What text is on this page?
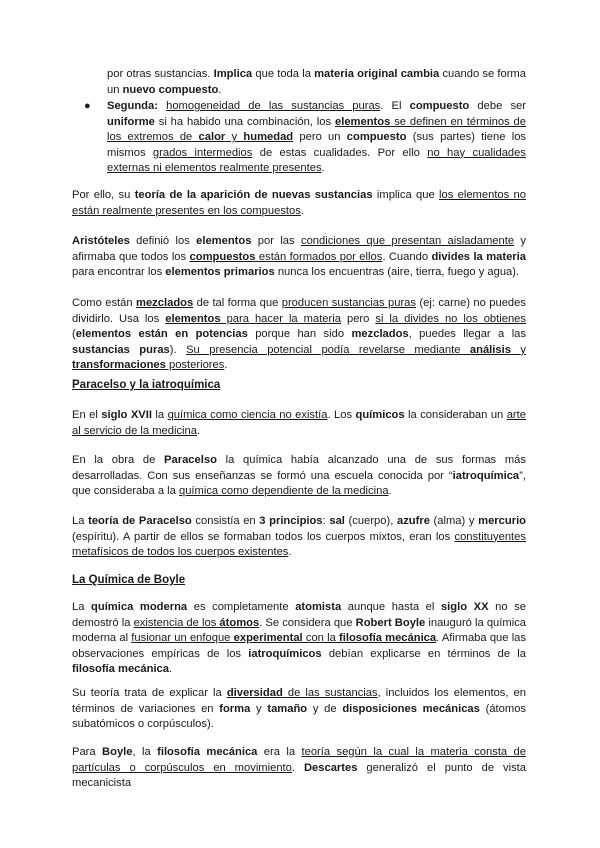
por otras sustancias. Implica que toda la materia original cambia cuando se forma un nuevo compuesto.

● Segunda: homogeneidad de las sustancias puras. El compuesto debe ser uniforme si ha habido una combinación, los elementos se definen en términos de los extremos de calor y humedad pero un compuesto (sus partes) tiene los mismos grados intermedios de estas cualidades. Por ello no hay cualidades externas ni elementos realmente presentes.

Por ello, su teoría de la aparición de nuevas sustancias implica que los elementos no están realmente presentes en los compuestos.

Aristóteles definió los elementos por las condiciones que presentan aisladamente y afirmaba que todos los compuestos están formados por ellos. Cuando divides la materia para encontrar los elementos primarios nunca los encuentras (aire, tierra, fuego y agua).

Como están mezclados de tal forma que producen sustancias puras (ej: carne) no puedes dividirlo. Usa los elementos para hacer la materia pero si la divides no los obtienes (elementos están en potencias porque han sido mezclados, puedes llegar a las sustancias puras). Su presencia potencial podía revelarse mediante análisis y transformaciones posteriores.

Paracelso y la iatroquímica

En el siglo XVII la química como ciencia no existía. Los químicos la consideraban un arte al servicio de la medicina.

En la obra de Paracelso la química había alcanzado una de sus formas más desarrolladas. Con sus enseñanzas se formó una escuela conocida por “iatroquímica”, que consideraba a la química como dependiente de la medicina.

La teoría de Paracelso consistía en 3 principios: sal (cuerpo), azufre (alma) y mercurio (espíritu). A partir de ellos se formaban todos los cuerpos mixtos, eran los constituyentes metafísicos de todos los cuerpos existentes.

La Química de Boyle

La química moderna es completamente atomista aunque hasta el siglo XX no se demostró la existencia de los átomos. Se considera que Robert Boyle inauguró la química moderna al fusionar un enfoque experimental con la filosofía mecánica. Afirmaba que las observaciones empíricas de los iatroquímicos debían explicarse en términos de la filosofía mecánica.

Su teoría trata de explicar la diversidad de las sustancias, incluidos los elementos, en términos de variaciones en forma y tamaño y de disposiciones mecánicas (átomos subatómicos o corpúsculos).

Para Boyle, la filosofía mecánica era la teoría según la cual la materia consta de partículas o corpúsculos en movimiento. Descartes generalizó el punto de vista mecanicista
